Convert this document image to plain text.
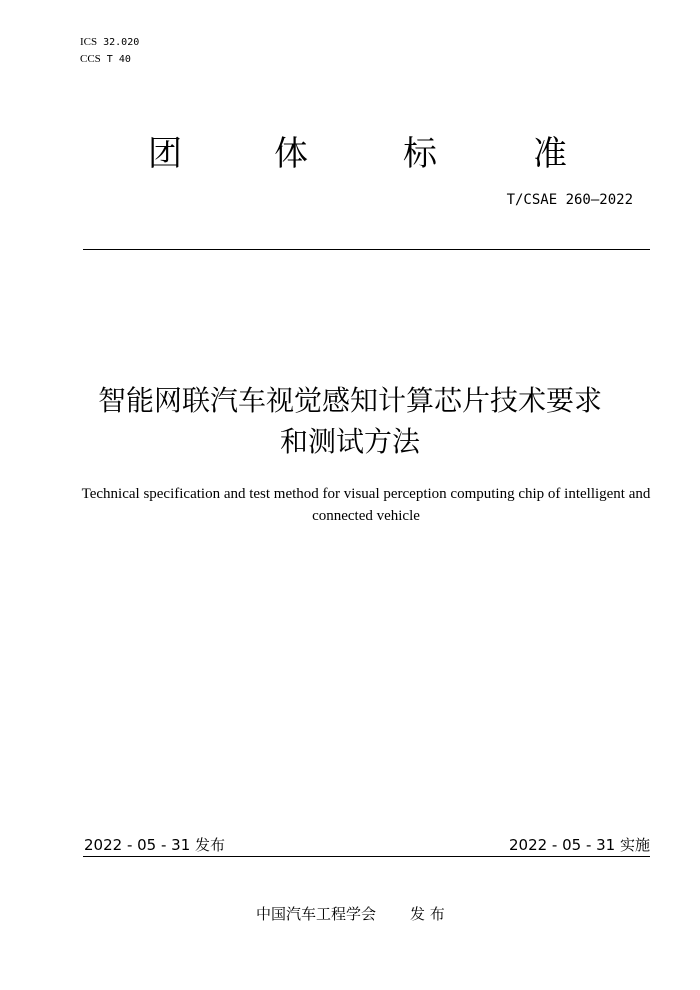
ICS 32.020
CCS T 40
团	体	标	准
T/CSAE 260—2022
智能网联汽车视觉感知计算芯片技术要求
和测试方法
Technical specification and test method for visual perception computing chip of intelligent and connected vehicle
2022 - 05 - 31 发布	2022 - 05 - 31 实施
中国汽车工程学会 发 布
